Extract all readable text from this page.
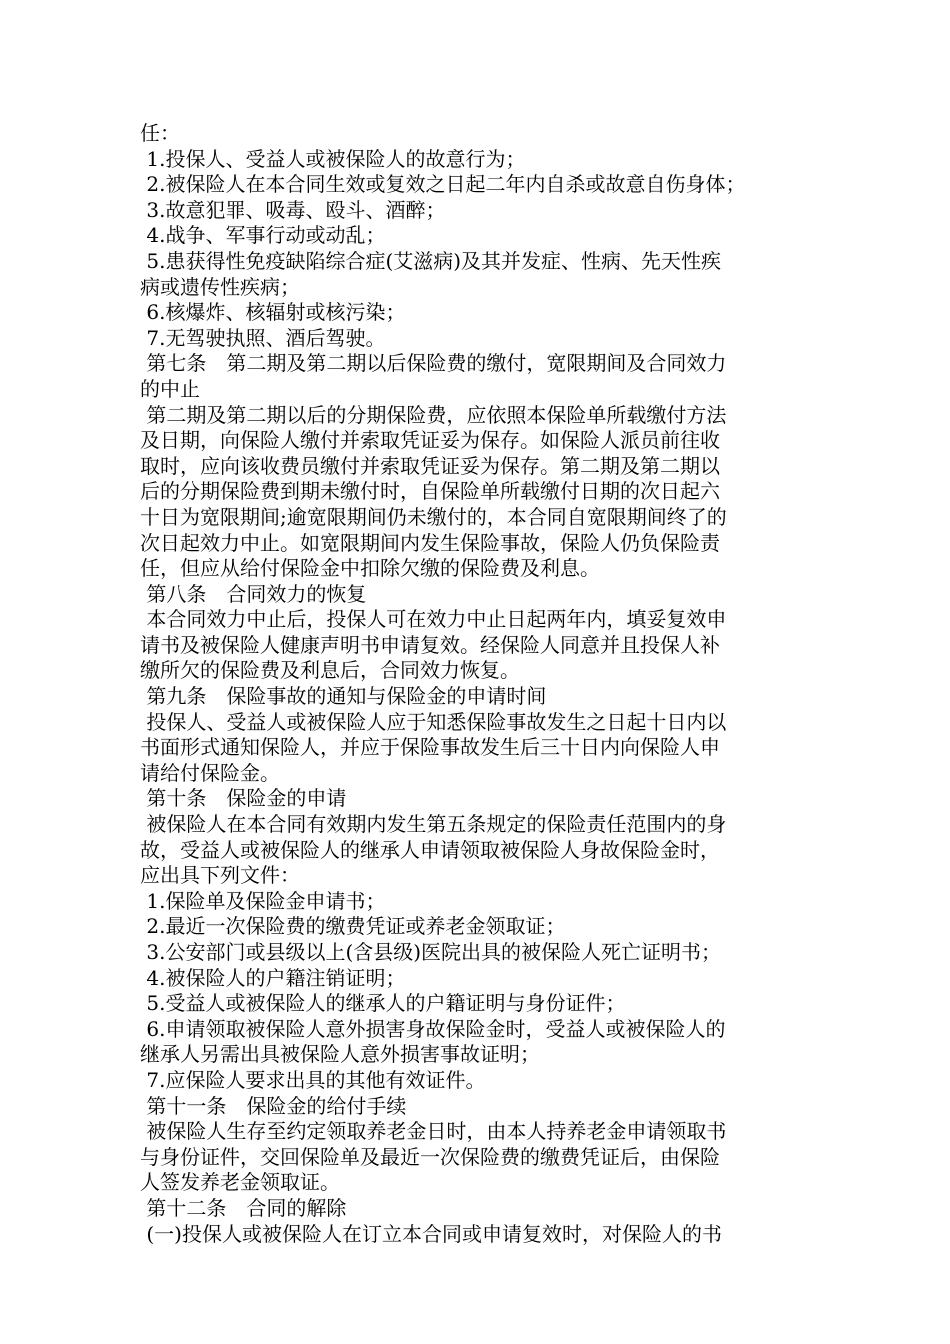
任：
1.投保人、受益人或被保险人的故意行为；
2.被保险人在本合同生效或复效之日起二年内自杀或故意自伤身体；
3.故意犯罪、吸毒、殴斗、酒醉；
4.战争、军事行动或动乱；
5.患获得性免疫缺陷综合症(艾滋病)及其并发症、性病、先天性疾
病或遗传性疾病；
6.核爆炸、核辐射或核污染；
7.无驾驶执照、酒后驾驶。
第七条　第二期及第二期以后保险费的缴付，宽限期间及合同效力
的中止
第二期及第二期以后的分期保险费，应依照本保险单所载缴付方法
及日期，向保险人缴付并索取凭证妥为保存。如保险人派员前往收
取时，应向该收费员缴付并索取凭证妥为保存。第二期及第二期以
后的分期保险费到期未缴付时，自保险单所载缴付日期的次日起六
十日为宽限期间;逾宽限期间仍未缴付的，本合同自宽限期间终了的
次日起效力中止。如宽限期间内发生保险事故，保险人仍负保险责
任，但应从给付保险金中扣除欠缴的保险费及利息。
第八条　合同效力的恢复
本合同效力中止后，投保人可在效力中止日起两年内，填妥复效申
请书及被保险人健康声明书申请复效。经保险人同意并且投保人补
缴所欠的保险费及利息后，合同效力恢复。
第九条　保险事故的通知与保险金的申请时间
投保人、受益人或被保险人应于知悉保险事故发生之日起十日内以
书面形式通知保险人，并应于保险事故发生后三十日内向保险人申
请给付保险金。
第十条　保险金的申请
被保险人在本合同有效期内发生第五条规定的保险责任范围内的身
故，受益人或被保险人的继承人申请领取被保险人身故保险金时，
应出具下列文件：
1.保险单及保险金申请书；
2.最近一次保险费的缴费凭证或养老金领取证；
3.公安部门或县级以上(含县级)医院出具的被保险人死亡证明书；
4.被保险人的户籍注销证明；
5.受益人或被保险人的继承人的户籍证明与身份证件；
6.申请领取被保险人意外损害身故保险金时，受益人或被保险人的
继承人另需出具被保险人意外损害事故证明；
7.应保险人要求出具的其他有效证件。
第十一条　保险金的给付手续
被保险人生存至约定领取养老金日时，由本人持养老金申请领取书
与身份证件，交回保险单及最近一次保险费的缴费凭证后，由保险
人签发养老金领取证。
第十二条　合同的解除
(一)投保人或被保险人在订立本合同或申请复效时，对保险人的书
